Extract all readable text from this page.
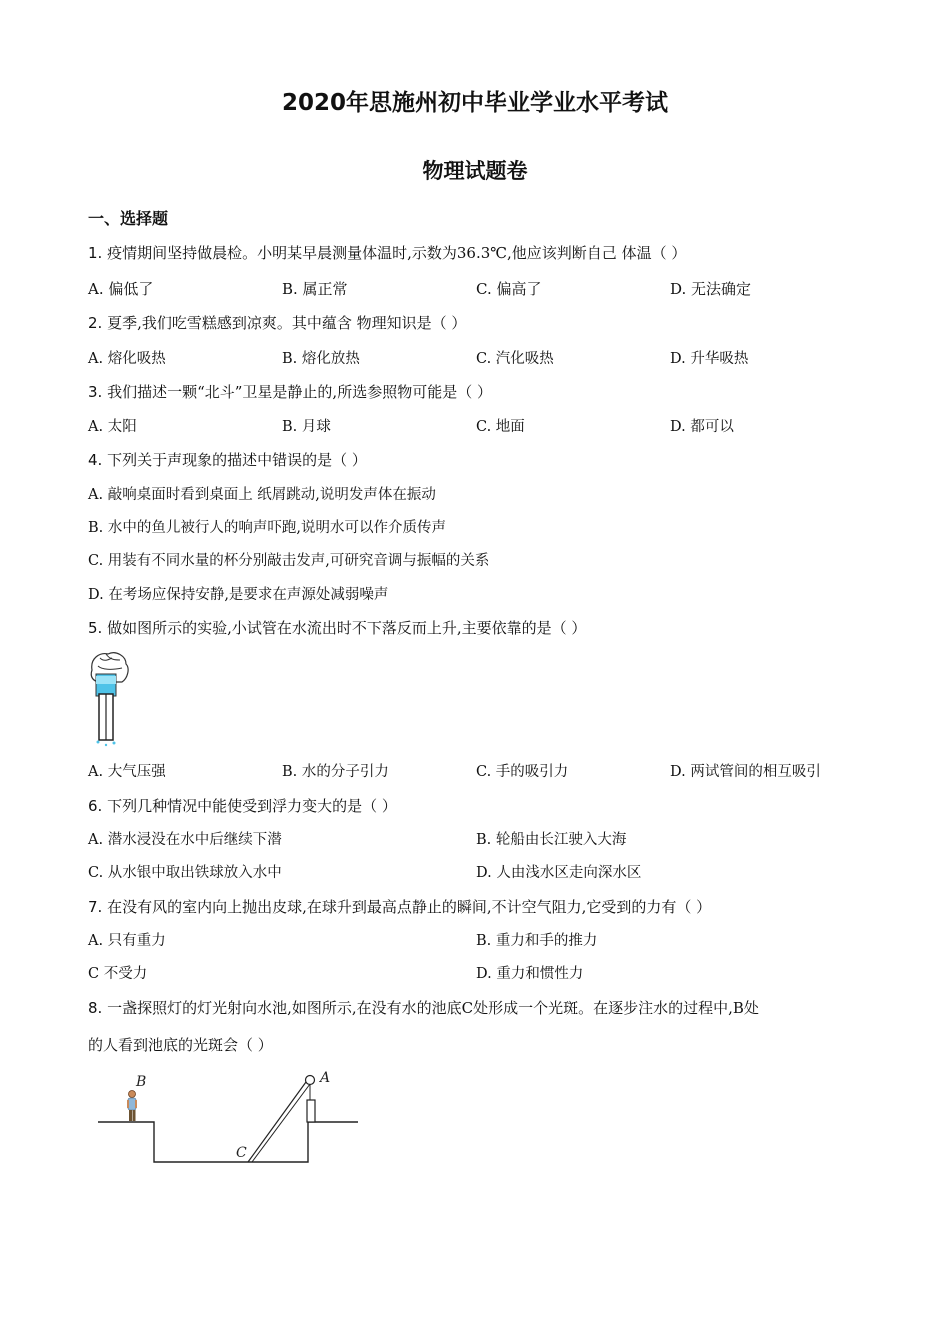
2020年思施州初中毕业学业水平考试
物理试题卷
一、选择题
1. 疫情期间坚持做晨检。小明某早晨测量体温时,示数为36.3℃,他应该判断自己 体温（ ）
A. 偏低了	B. 属正常	C. 偏高了	D. 无法确定
2. 夏季,我们吃雪糕感到凉爽。其中蕴含 物理知识是（ ）
A. 熔化吸热	B. 熔化放热	C. 汽化吸热	D. 升华吸热
3. 我们描述一颗“北斗”卫星是静止的,所选参照物可能是（ ）
A. 太阳	B. 月球	C. 地面	D. 都可以
4. 下列关于声现象的描述中错误的是（ ）
A. 敲响桌面时看到桌面上 纸屑跳动,说明发声体在振动
B. 水中的鱼儿被行人的响声吓跑,说明水可以作介质传声
C. 用装有不同水量的杯分别敲击发声,可研究音调与振幅的关系
D. 在考场应保持安静,是要求在声源处减弱噪声
5. 做如图所示的实验,小试管在水流出时不下落反而上升,主要依靠的是（ ）
A. 大气压强	B. 水的分子引力	C. 手的吸引力	D. 两试管间的相互吸引
6. 下列几种情况中能使受到浮力变大的是（ ）
A. 潜水浸没在水中后继续下潜	B. 轮船由长江驶入大海
C. 从水银中取出铁球放入水中	D. 人由浅水区走向深水区
7. 在没有风的室内向上抛出皮球,在球升到最高点静止的瞬间,不计空气阻力,它受到的力有（ ）
A. 只有重力	B. 重力和手的推力
C 不受力	D. 重力和惯性力
8. 一盏探照灯的灯光射向水池,如图所示,在没有水的池底C处形成一个光斑。在逐步注水的过程中,B处
的人看到池底的光斑会（ ）
B	A
C
